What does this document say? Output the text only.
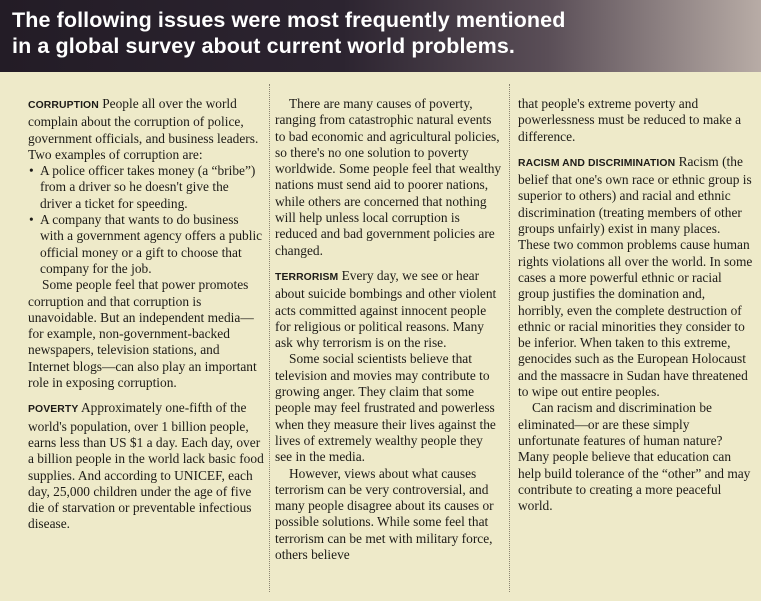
The following issues were most frequently mentioned
in a global survey about current world problems.

CORRUPTION People all over the world complain about the corruption of police, government officials, and business leaders. Two examples of corruption are:

• A police officer takes money (a “bribe”) from a driver so he doesn't give the driver a ticket for speeding.
• A company that wants to do business with a government agency offers a public official money or a gift to choose that company for the job.

Some people feel that power promotes corruption and that corruption is unavoidable. But an independent media—for example, non-government-backed newspapers, television stations, and Internet blogs—can also play an important role in exposing corruption.

POVERTY Approximately one-fifth of the world's population, over 1 billion people, earns less than US $1 a day. Each day, over a billion people in the world lack basic food supplies. And according to UNICEF, each day, 25,000 children under the age of five die of starvation or preventable infectious disease.

There are many causes of poverty, ranging from catastrophic natural events to bad economic and agricultural policies, so there's no one solution to poverty worldwide. Some people feel that wealthy nations must send aid to poorer nations, while others are concerned that nothing will help unless local corruption is reduced and bad government policies are changed.

TERRORISM Every day, we see or hear about suicide bombings and other violent acts committed against innocent people for religious or political reasons. Many ask why terrorism is on the rise.

Some social scientists believe that television and movies may contribute to growing anger. They claim that some people may feel frustrated and powerless when they measure their lives against the lives of extremely wealthy people they see in the media.

However, views about what causes terrorism can be very controversial, and many people disagree about its causes or possible solutions. While some feel that terrorism can be met with military force, others believe

that people's extreme poverty and powerlessness must be reduced to make a difference.

RACISM AND DISCRIMINATION Racism (the belief that one's own race or ethnic group is superior to others) and racial and ethnic discrimination (treating members of other groups unfairly) exist in many places. These two common problems cause human rights violations all over the world. In some cases a more powerful ethnic or racial group justifies the domination and, horribly, even the complete destruction of ethnic or racial minorities they consider to be inferior. When taken to this extreme, genocides such as the European Holocaust and the massacre in Sudan have threatened to wipe out entire peoples.

Can racism and discrimination be eliminated—or are these simply unfortunate features of human nature? Many people believe that education can help build tolerance of the “other” and may contribute to creating a more peaceful world.
